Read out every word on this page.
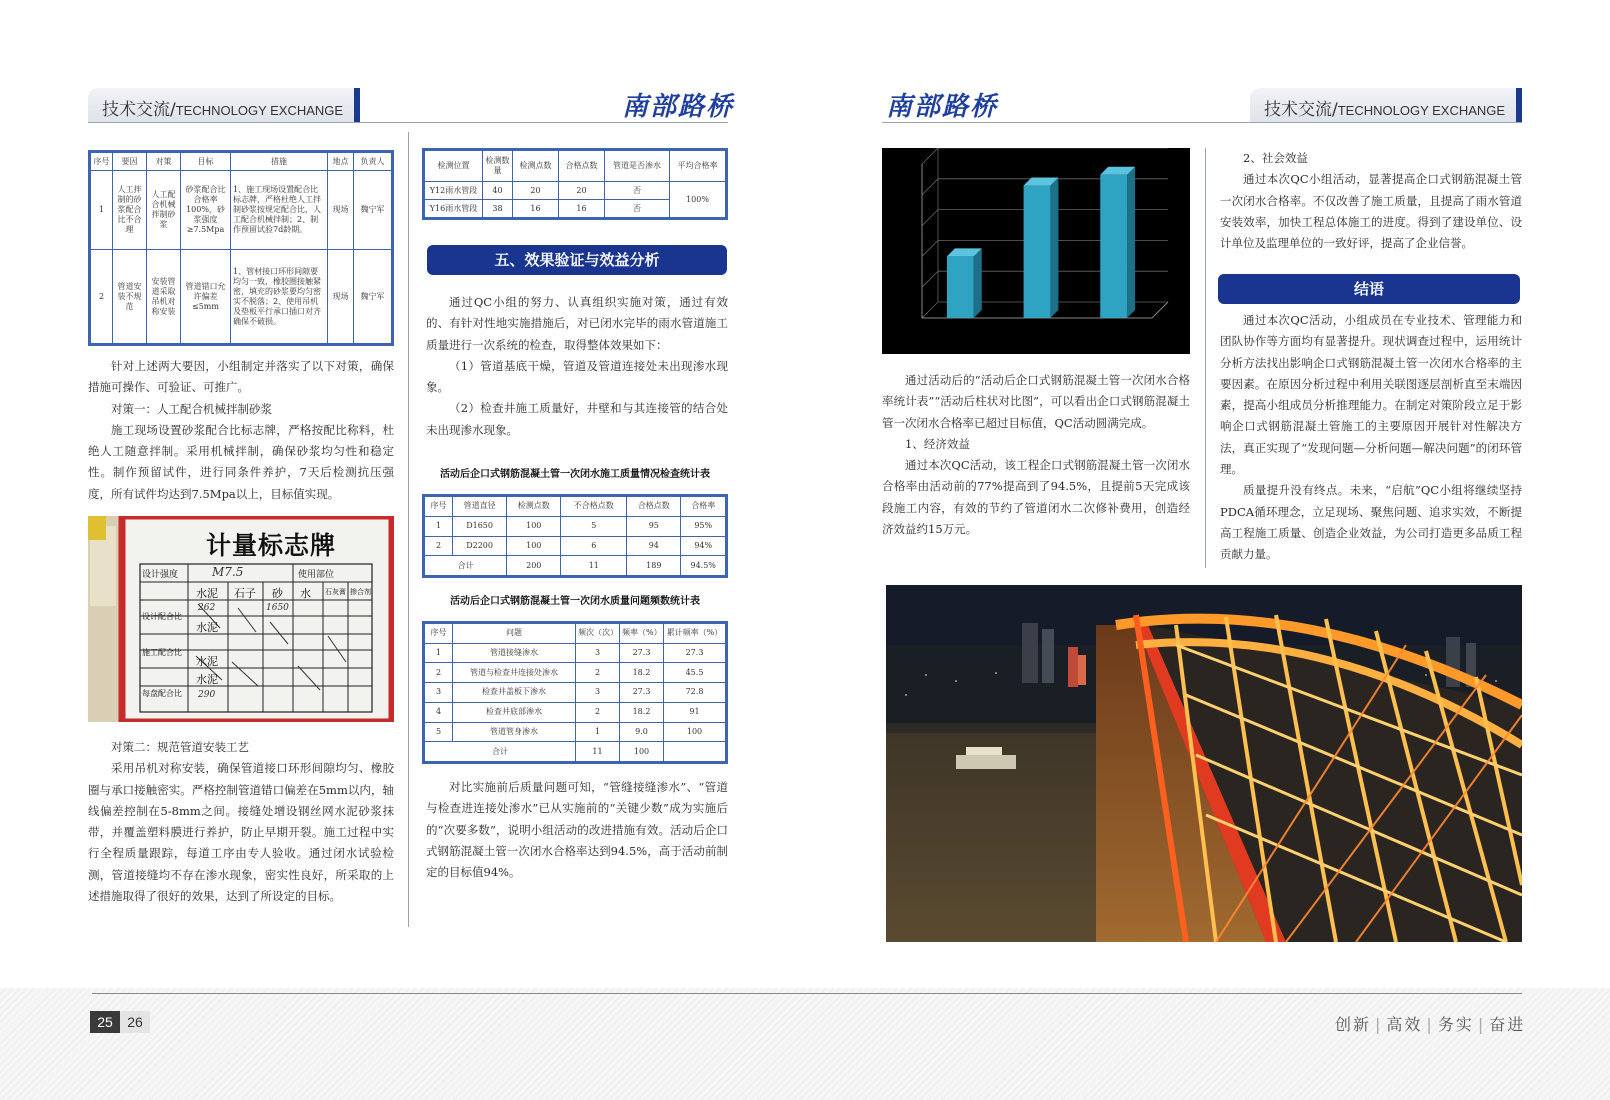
技术交流/TECHNOLOGY EXCHANGE	南部路桥	南部路桥	技术交流/TECHNOLOGY EXCHANGE
序号	要因	对策	目标	措施	地点	负责人
1	人工拌制的砂浆配合比不合理	人工配合机械拌制砂浆	砂浆配合比合格率100%，砂浆强度≥7.5Mpa	1、施工现场设置配合比标志牌，严格杜绝人工拌制砂浆按规定配合比，人工配合机械拌制；2、制作预留试验7d龄期。	现场	魏宁军
2	管道安装不规范	安装管道采取吊机对称安装	管道错口允许偏差≤5mm	1、管材接口环形间隙要均匀一致，橡胶圈接触紧密，填充的砂浆要均匀密实不脱落；2、使用吊机及垫板平行承口插口对齐确保不破损。	现场	魏宁军

针对上述两大要因，小组制定并落实了以下对策，确保措施可操作、可验证、可推广。

对策一：人工配合机械拌制砂浆

施工现场设置砂浆配合比标志牌，严格按配比称料，杜绝人工随意拌制。采用机械拌制，确保砂浆均匀性和稳定性。制作预留试件，进行同条件养护，7天后检测抗压强度，所有试件均达到7.5Mpa以上，目标值实现。

计量标志牌
设计强度	M7.5	使用部位
水泥 石子 砂 水 石灰膏 掺合剂
设计配合比
施工配合比
每盘配合比
262	1650
290
水泥
水泥
水泥

对策二：规范管道安装工艺

采用吊机对称安装，确保管道接口环形间隙均匀、橡胶圈与承口接触密实。严格控制管道错口偏差在5mm以内，轴线偏差控制在5-8mm之间。接缝处增设钢丝网水泥砂浆抹带，并覆盖塑料膜进行养护，防止早期开裂。施工过程中实行全程质量跟踪，每道工序由专人验收。通过闭水试验检测，管道接缝均不存在渗水现象，密实性良好，所采取的上述措施取得了很好的效果，达到了所设定的目标。

检测位置	检测数量	检测点数	合格点数	管道是否渗水	平均合格率
Y12雨水管段	40	20	20	否	100%
Y16雨水管段	38	16	16	否	
五、效果验证与效益分析

通过QC小组的努力、认真组织实施对策，通过有效的、有针对性地实施措施后，对已闭水完毕的雨水管道施工质量进行一次系统的检查，取得整体效果如下：

（1）管道基底干燥，管道及管道连接处未出现渗水现象。

（2）检查井施工质量好，井壁和与其连接管的结合处未出现渗水现象。

活动后企口式钢筋混凝土管一次闭水施工质量情况检查统计表
序号	管道直径	检测点数	不合格点数	合格点数	合格率
1	D1650	100	5	95	95%
2	D2200	100	6	94	94%
合计		200	11	189	94.5%
活动后企口式钢筋混凝土管一次闭水质量问题频数统计表
序号	问题	频次（次）	频率（%）	累计频率（%）
1	管道接缝渗水	3	27.3	27.3
2	管道与检查井连接处渗水	2	18.2	45.5
3	检查井盖板下渗水	3	27.3	72.8
4	检查井底部渗水	2	18.2	91
5	管道管身渗水	1	9.0	100
合计		11	100	

对比实施前后质量问题可知，“管缝接缝渗水”、“管道与检查进连接处渗水”已从实施前的“关键少数”成为实施后的“次要多数”，说明小组活动的改进措施有效。活动后企口式钢筋混凝土管一次闭水合格率达到94.5%，高于活动前制定的目标值94%。

通过活动后的“活动后企口式钢筋混凝土管一次闭水合格率统计表”“活动后柱状对比图”，可以看出企口式钢筋混凝土管一次闭水合格率已超过目标值，QC活动圆满完成。

1、经济效益

通过本次QC活动，该工程企口式钢筋混凝土管一次闭水合格率由活动前的77%提高到了94.5%，且提前5天完成该段施工内容，有效的节约了管道闭水二次修补费用，创造经济效益约15万元。

2、社会效益

通过本次QC小组活动，显著提高企口式钢筋混凝土管一次闭水合格率。不仅改善了施工质量，且提高了雨水管道安装效率，加快工程总体施工的进度。得到了建设单位、设计单位及监理单位的一致好评，提高了企业信誉。

结语

通过本次QC活动，小组成员在专业技术、管理能力和团队协作等方面均有显著提升。现状调查过程中，运用统计分析方法找出影响企口式钢筋混凝土管一次闭水合格率的主要因素。在原因分析过程中利用关联图逐层剖析直至末端因素，提高小组成员分析推理能力。在制定对策阶段立足于影响企口式钢筋混凝土管施工的主要原因开展针对性解决方法，真正实现了“发现问题—分析问题—解决问题”的闭环管理。

质量提升没有终点。未来，“启航”QC小组将继续坚持PDCA循环理念，立足现场、聚焦问题、追求实效，不断提高工程施工质量、创造企业效益，为公司打造更多品质工程贡献力量。

25	26	创新 | 高效 | 务实 | 奋进
